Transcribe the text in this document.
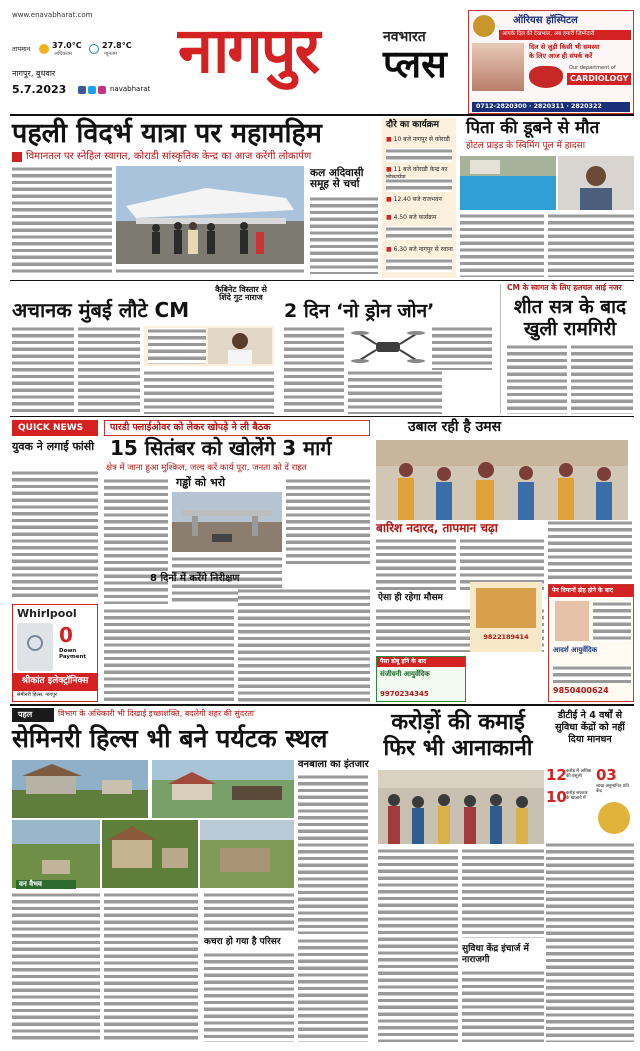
www.enavabharat.com
तापमान	37.0°C
अधिकतम
27.8°C
न्यूनतम
नागपुर, बुधवार
5.7.2023	navabharat
नागपुर	नवभारत
प्लस
ऑरियस हॉस्पिटल
आपके दिल की देखभाल, अब हमारी जिम्मेदारी
दिल से जुड़ी किसी भी समस्या
के लिए आज ही संपर्क करें
Our department of
CARDIOLOGY
0712-2820300 · 2820311 · 2820322
पहली विदर्भ यात्रा पर महामहिम
विमानतल पर स्नेहिल स्वागत, कोराडी सांस्कृतिक केन्द्र का आज करेंगी लोकार्पण
कल अदिवासी समूह से चर्चा
दौरे का कार्यक्रम
■ 10 बजे नागपुर से कोराडी
■ 11 बजे कोराडी केन्द्र का
■ 12.40 बजे राजभवन
■ 4.50 बजे कार्यक्रम
■ 6.30 बजे नागपुर से रवाना
पिता की डूबने से मौत
होटल प्राइड के स्विमिंग पूल में हादसा
अचानक मुंबई लौटे CM
कैबिनेट विस्तार से शिंदे गुट नाराज
2 दिन ‘नो ड्रोन जोन’
CM के स्वागत के लिए हलचल आई नजर
शीत सत्र के बाद खुली रामगिरी
QUICK NEWS
युवक ने लगाई फांसी
Whirlpool
0
Down Payment
श्रीकांत इलेक्ट्रॉनिक्स
सेमीनरी हिल्स, नागपुर
पारडी फ्लाईओवर को लेकर खोपड़े ने ली बैठक
15 सितंबर को खोलेंगे 3 मार्ग
क्षेत्र में जाना हुआ मुश्किल, जल्द करें कार्य पूरा, जनता को दें राहत
गड्ढों को भरो
8 दिनों में करेंगे निरीक्षण
उबाल रही है उमस
बारिश नदारद, तापमान चढ़ा
ऐसा ही रहेगा मौसम
पैसा डोबू इनि के बाद
संजीवनी आयुर्वेदिक
9970234345
9822189414
पेन विमानों ड़ोह होने के बाद
आदर्श आयुर्वेदिक
9850400624
पहल	विभाग के अधिकारी भी दिखाई इच्छाशक्ति, बदलेगी शहर की सुंदरता
सेमिनरी हिल्स भी बने पर्यटक स्थल
वन वैभव
वनबाला का इंतजार
कचरा हो गया है परिसर
करोड़ों की कमाई
फिर भी आनाकानी
डीटीई ने 4 वर्षों से सुविधा केंद्रों को नहीं दिया मानधन
12 करोड़ में अधिक की वसूली 03
लाख अनुमानित प्रति केंद्र
10 करोड़ सरकार के खजाने में
सुविधा केंद्र इंचार्ज में नाराजगी
